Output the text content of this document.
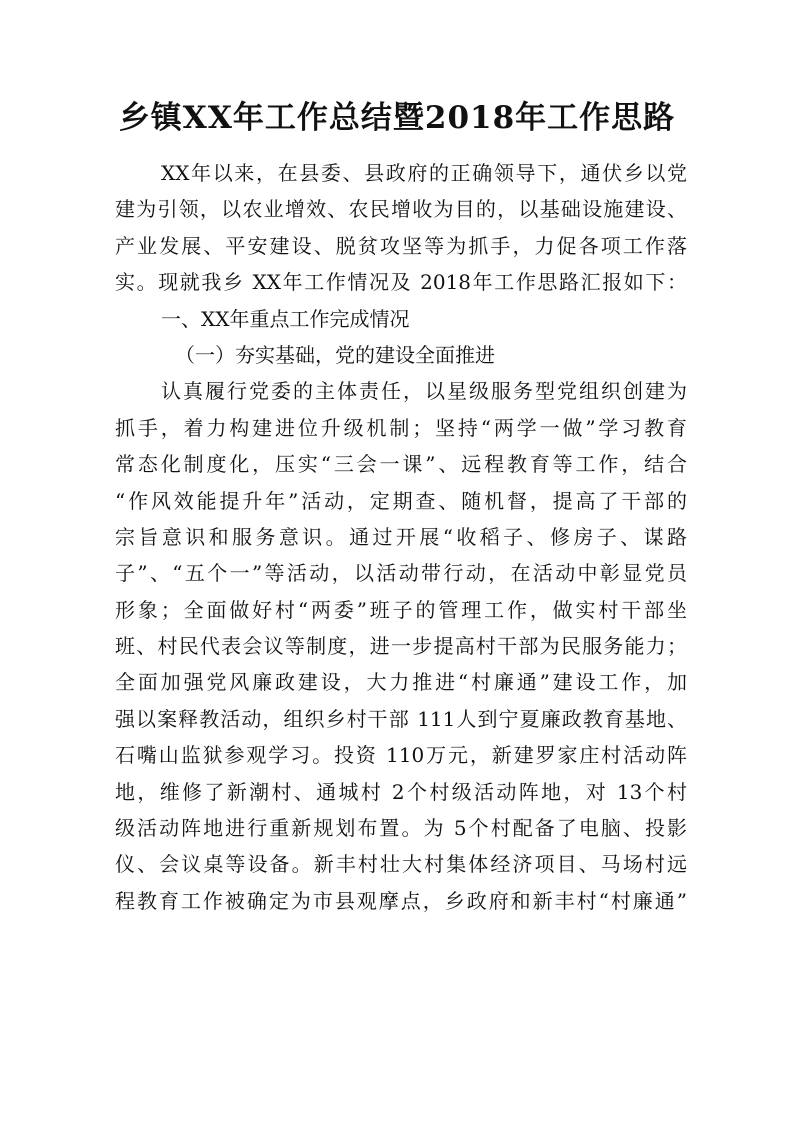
乡镇XX年工作总结暨2018年工作思路
XX年以来，在县委、县政府的正确领导下，通伏乡以党
建为引领，以农业增效、农民增收为目的，以基础设施建设、
产业发展、平安建设、脱贫攻坚等为抓手，力促各项工作落
实。现就我乡 XX年工作情况及 2018年工作思路汇报如下：
一、XX年重点工作完成情况
（一）夯实基础，党的建设全面推进
认真履行党委的主体责任，以星级服务型党组织创建为
抓手，着力构建进位升级机制；坚持“两学一做”学习教育
常态化制度化，压实“三会一课”、远程教育等工作，结合
“作风效能提升年”活动，定期查、随机督，提高了干部的
宗旨意识和服务意识。通过开展“收稻子、修房子、谋路
子”、“五个一”等活动，以活动带行动，在活动中彰显党员
形象；全面做好村“两委”班子的管理工作，做实村干部坐
班、村民代表会议等制度，进一步提高村干部为民服务能力；
全面加强党风廉政建设，大力推进“村廉通”建设工作，加
强以案释教活动，组织乡村干部 111人到宁夏廉政教育基地、
石嘴山监狱参观学习。投资 110万元，新建罗家庄村活动阵
地，维修了新潮村、通城村 2个村级活动阵地，对 13个村
级活动阵地进行重新规划布置。为 5个村配备了电脑、投影
仪、会议桌等设备。新丰村壮大村集体经济项目、马场村远
程教育工作被确定为市县观摩点，乡政府和新丰村“村廉通”
